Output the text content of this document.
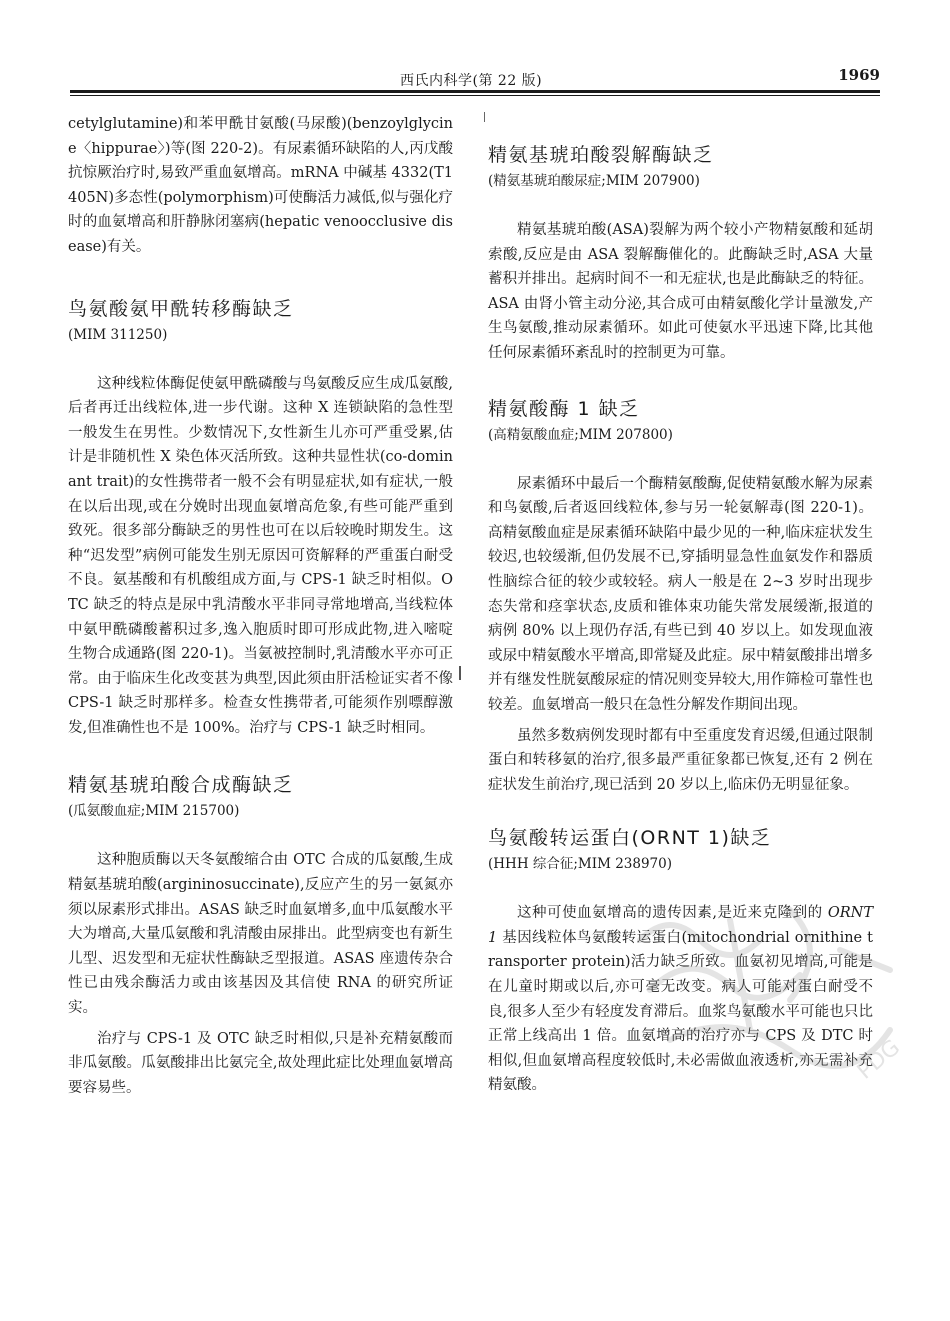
西氏内科学(第 22 版)	1969

cetylglutamine)和苯甲酰甘氨酸(马尿酸)(benzoylglycine〈hippurae〉)等(图 220-2)。有尿素循环缺陷的人,丙戊酸抗惊厥治疗时,易致严重血氨增高。mRNA 中碱基 4332(T1405N)多态性(polymorphism)可使酶活力减低,似与强化疗时的血氨增高和肝静脉闭塞病(hepatic venoocclusive disease)有关。

鸟氨酸氨甲酰转移酶缺乏
(MIM 311250)

这种线粒体酶促使氨甲酰磷酸与鸟氨酸反应生成瓜氨酸,后者再迁出线粒体,进一步代谢。这种 X 连锁缺陷的急性型一般发生在男性。少数情况下,女性新生儿亦可严重受累,估计是非随机性 X 染色体灭活所致。这种共显性状(co-dominant trait)的女性携带者一般不会有明显症状,如有症状,一般在以后出现,或在分娩时出现血氨增高危象,有些可能严重到致死。很多部分酶缺乏的男性也可在以后较晚时期发生。这种“迟发型”病例可能发生别无原因可资解释的严重蛋白耐受不良。氨基酸和有机酸组成方面,与 CPS-1 缺乏时相似。OTC 缺乏的特点是尿中乳清酸水平非同寻常地增高,当线粒体中氨甲酰磷酸蓄积过多,逸入胞质时即可形成此物,进入嘧啶生物合成通路(图 220-1)。当氨被控制时,乳清酸水平亦可正常。由于临床生化改变甚为典型,因此须由肝活检证实者不像 CPS-1 缺乏时那样多。检查女性携带者,可能须作别嘌醇激发,但准确性也不是 100%。治疗与 CPS-1 缺乏时相同。

精氨基琥珀酸合成酶缺乏
(瓜氨酸血症;MIM 215700)

这种胞质酶以天冬氨酸缩合由 OTC 合成的瓜氨酸,生成精氨基琥珀酸(argininosuccinate),反应产生的另一氨氮亦须以尿素形式排出。ASAS 缺乏时血氨增多,血中瓜氨酸水平大为增高,大量瓜氨酸和乳清酸由尿排出。此型病变也有新生儿型、迟发型和无症状性酶缺乏型报道。ASAS 座遗传杂合性已由残余酶活力或由该基因及其信使 RNA 的研究所证实。

治疗与 CPS-1 及 OTC 缺乏时相似,只是补充精氨酸而非瓜氨酸。瓜氨酸排出比氨完全,故处理此症比处理血氨增高要容易些。

精氨基琥珀酸裂解酶缺乏
(精氨基琥珀酸尿症;MIM 207900)

精氨基琥珀酸(ASA)裂解为两个较小产物精氨酸和延胡索酸,反应是由 ASA 裂解酶催化的。此酶缺乏时,ASA 大量蓄积并排出。起病时间不一和无症状,也是此酶缺乏的特征。ASA 由肾小管主动分泌,其合成可由精氨酸化学计量激发,产生鸟氨酸,推动尿素循环。如此可使氨水平迅速下降,比其他任何尿素循环紊乱时的控制更为可靠。

精氨酸酶 1 缺乏
(高精氨酸血症;MIM 207800)

尿素循环中最后一个酶精氨酸酶,促使精氨酸水解为尿素和鸟氨酸,后者返回线粒体,参与另一轮氨解毒(图 220-1)。高精氨酸血症是尿素循环缺陷中最少见的一种,临床症状发生较迟,也较缓渐,但仍发展不已,穿插明显急性血氨发作和器质性脑综合征的较少或较轻。病人一般是在 2~3 岁时出现步态失常和痉挛状态,皮质和锥体束功能失常发展缓渐,报道的病例 80% 以上现仍存活,有些已到 40 岁以上。如发现血液或尿中精氨酸水平增高,即常疑及此症。尿中精氨酸排出增多并有继发性胱氨酸尿症的情况则变异较大,用作筛检可靠性也较差。血氨增高一般只在急性分解发作期间出现。

虽然多数病例发现时都有中至重度发育迟缓,但通过限制蛋白和转移氨的治疗,很多最严重征象都已恢复,还有 2 例在症状发生前治疗,现已活到 20 岁以上,临床仍无明显征象。

鸟氨酸转运蛋白(ORNT 1)缺乏
(HHH 综合征;MIM 238970)

这种可使血氨增高的遗传因素,是近来克隆到的 ORNT 1 基因线粒体鸟氨酸转运蛋白(mitochondrial ornithine transporter protein)活力缺乏所致。血氨初见增高,可能是在儿童时期或以后,亦可毫无改变。病人可能对蛋白耐受不良,很多人至少有轻度发育滞后。血浆鸟氨酸水平可能也只比正常上线高出 1 倍。血氨增高的治疗亦与 CPS 及 DTC 时相似,但血氨增高程度较低时,未必需做血液透析,亦无需补充精氨酸。

PDG
